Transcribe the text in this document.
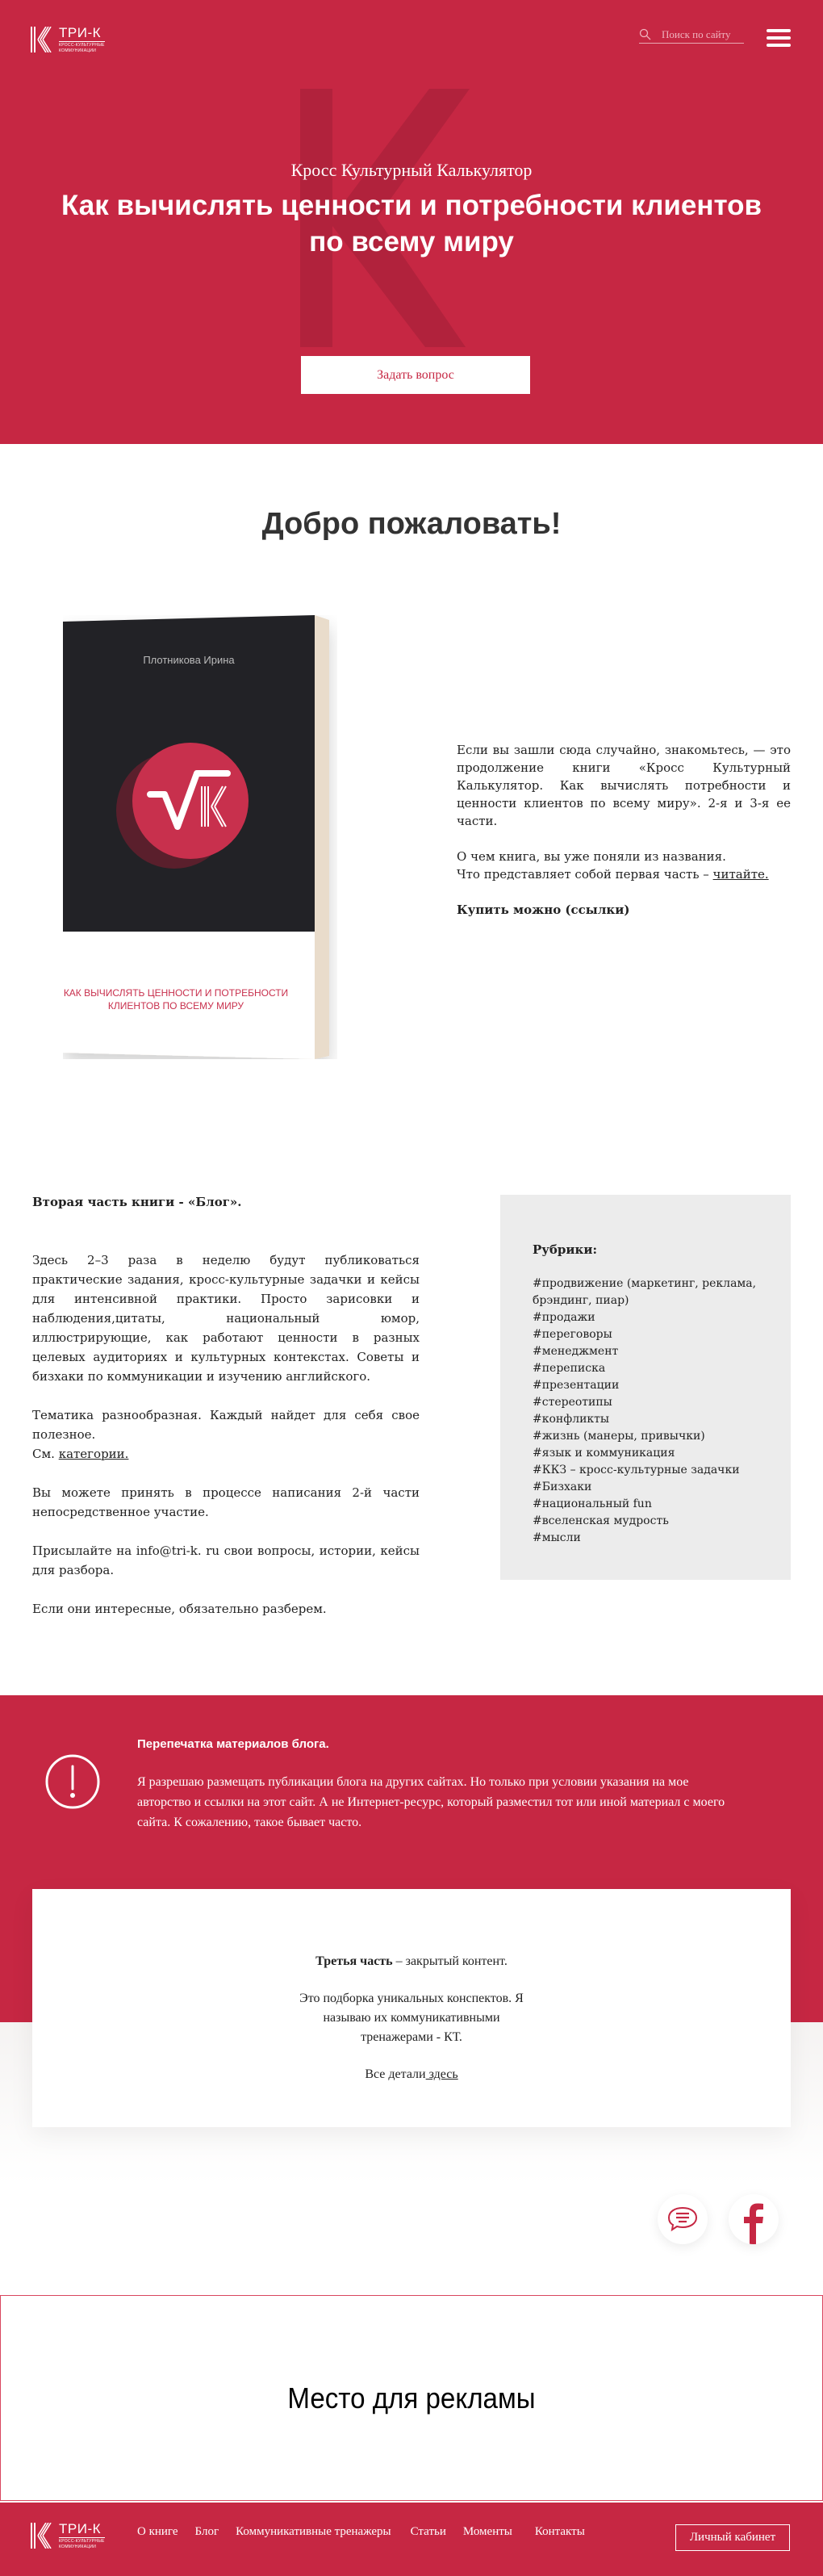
ТРИ-К
КРОСС-КУЛЬТУРНЫЕ
КОММУНИКАЦИИ
Поиск по сайту
Кросс Культурный Калькулятор
Как вычислять ценности и потребности клиентов по всему миру
Задать вопрос
Добро пожаловать!
Плотникова Ирина
Кросс Культурный Калькулятор
КАК ВЫЧИСЛЯТЬ ЦЕННОСТИ И ПОТРЕБНОСТИ
КЛИЕНТОВ ПО ВСЕМУ МИРУ

Если вы зашли сюда случайно, знакомьтесь, — это продолжение книги «Кросс Культурный Калькулятор. Как вычислять потребности и ценности клиентов по всему миру». 2-я и 3-я ее части.

О чем книга, вы уже поняли из названия.
Что представляет собой первая часть – читайте.

Купить можно (ссылки)

Вторая часть книги - «Блог».

Здесь 2–3 раза в неделю будут публиковаться практические задания, кросс-культурные задачки и кейсы для интенсивной практики. Просто зарисовки и наблюдения,цитаты, национальный юмор, иллюстрирующие, как работают ценности в разных целевых аудиториях и культурных контекстах. Советы и бизхаки по коммуникации и изучению английского.

Тематика разнообразная. Каждый найдет для себя свое полезное.
См. категории.

Вы можете принять в процессе написания 2-й части непосредственное участие.

Присылайте на info@tri-k. ru свои вопросы, истории, кейсы для разбора.

Если они интересные, обязательно разберем.

Рубрики:
#продвижение (маркетинг, реклама, брэндинг, пиар)
#продажи
#переговоры
#менеджмент
#переписка
#презентации
#стереотипы
#конфликты
#жизнь (манеры, привычки)
#язык и коммуникация
#ККЗ – кросс-культурные задачки
#Бизхаки
#национальный fun
#вселенская мудрость
#мысли
Перепечатка материалов блога.
Я разрешаю размещать публикации блога на других сайтах. Но только при условии указания на мое авторство и ссылки на этот сайт. А не Интернет-ресурс, который разместил тот или иной материал с моего сайта. К сожалению, такое бывает часто.

Третья часть – закрытый контент.

Это подборка уникальных конспектов. Я называю их коммуникативными тренажерами - КТ.

Все детали здесь

Место для рекламы
ТРИ-К
КРОСС-КУЛЬТУРНЫЕ
КОММУНИКАЦИИ
О книге Блог Коммуникативные тренажеры Статьи Моменты Контакты	Личный кабинет
